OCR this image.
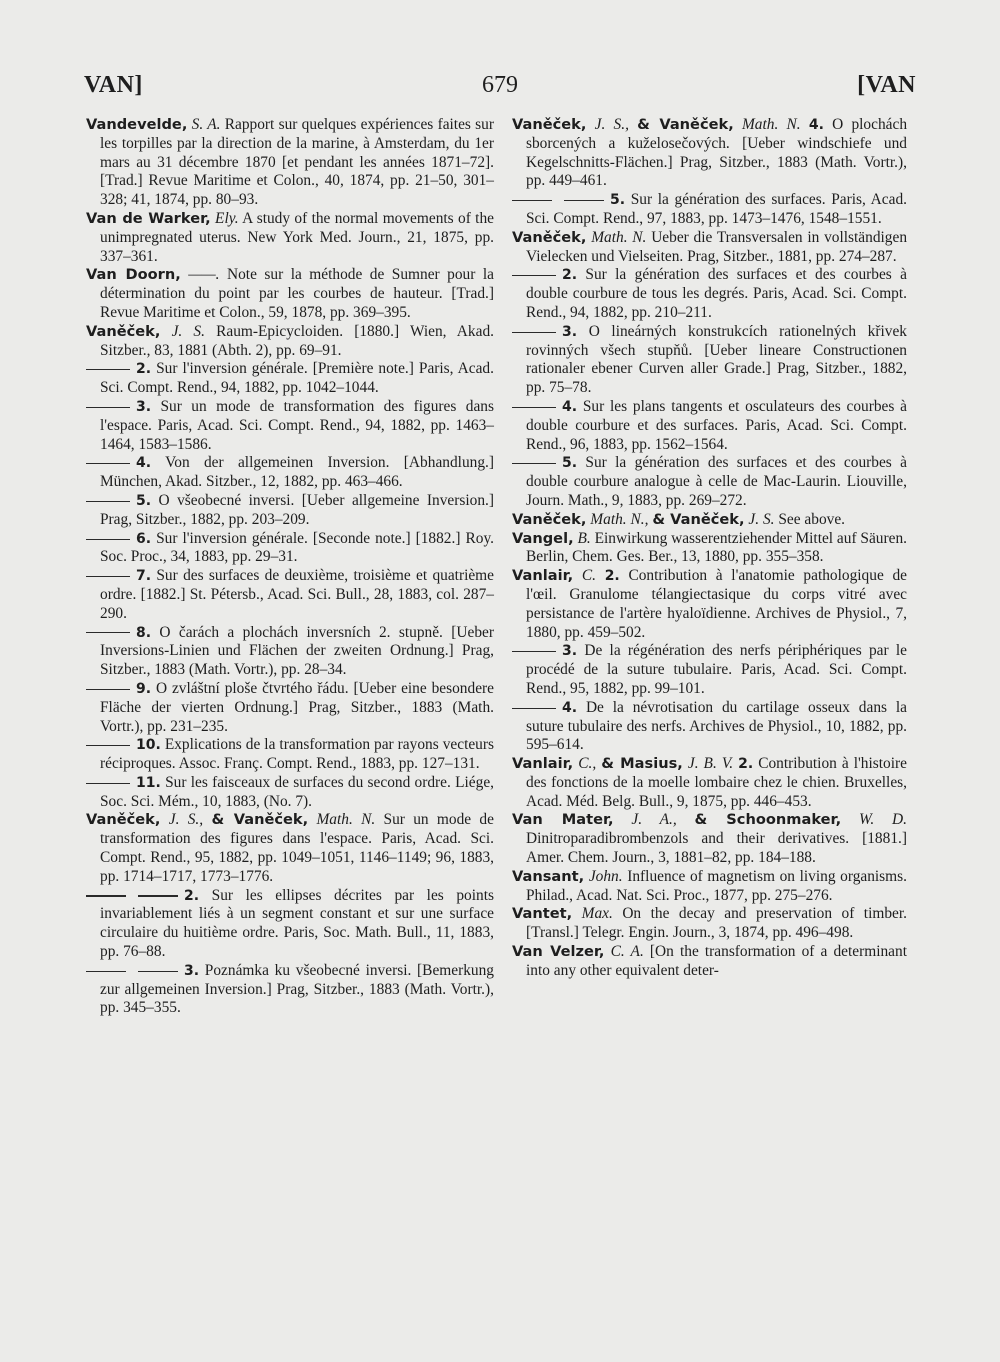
VAN]	679	[VAN

Vandevelde, S. A. Rapport sur quelques expériences faites sur les torpilles par la direction de la marine, à Amsterdam, du 1er mars au 31 décembre 1870 [et pendant les années 1871–72]. [Trad.] Revue Maritime et Colon., 40, 1874, pp. 21–50, 301–328; 41, 1874, pp. 80–93.

Van de Warker, Ely. A study of the normal movements of the unimpregnated uterus. New York Med. Journ., 21, 1875, pp. 337–361.

Van Doorn, ——. Note sur la méthode de Sumner pour la détermination du point par les courbes de hauteur. [Trad.] Revue Maritime et Colon., 59, 1878, pp. 369–395.

Vaněček, J. S. Raum-Epicycloiden. [1880.] Wien, Akad. Sitzber., 83, 1881 (Abth. 2), pp. 69–91.

2. Sur l'inversion générale. [Première note.] Paris, Acad. Sci. Compt. Rend., 94, 1882, pp. 1042–1044.

3. Sur un mode de transformation des figures dans l'espace. Paris, Acad. Sci. Compt. Rend., 94, 1882, pp. 1463–1464, 1583–1586.

4. Von der allgemeinen Inversion. [Abhandlung.] München, Akad. Sitzber., 12, 1882, pp. 463–466.

5. O všeobecné inversi. [Ueber allgemeine Inversion.] Prag, Sitzber., 1882, pp. 203–209.

6. Sur l'inversion générale. [Seconde note.] [1882.] Roy. Soc. Proc., 34, 1883, pp. 29–31.

7. Sur des surfaces de deuxième, troisième et quatrième ordre. [1882.] St. Pétersb., Acad. Sci. Bull., 28, 1883, col. 287–290.

8. O čarách a plochách inversních 2. stupně. [Ueber Inversions-Linien und Flächen der zweiten Ordnung.] Prag, Sitzber., 1883 (Math. Vortr.), pp. 28–34.

9. O zvláštní ploše čtvrtého řádu. [Ueber eine besondere Fläche der vierten Ordnung.] Prag, Sitzber., 1883 (Math. Vortr.), pp. 231–235.

10. Explications de la transformation par rayons vecteurs réciproques. Assoc. Franç. Compt. Rend., 1883, pp. 127–131.

11. Sur les faisceaux de surfaces du second ordre. Liége, Soc. Sci. Mém., 10, 1883, (No. 7).

Vaněček, J. S., & Vaněček, Math. N. Sur un mode de transformation des figures dans l'espace. Paris, Acad. Sci. Compt. Rend., 95, 1882, pp. 1049–1051, 1146–1149; 96, 1883, pp. 1714–1717, 1773–1776.

2. Sur les ellipses décrites par les points invariablement liés à un segment constant et sur une surface circulaire du huitième ordre. Paris, Soc. Math. Bull., 11, 1883, pp. 76–88.

3. Poznámka ku všeobecné inversi. [Bemerkung zur allgemeinen Inversion.] Prag, Sitzber., 1883 (Math. Vortr.), pp. 345–355.

Vaněček, J. S., & Vaněček, Math. N. 4. O plochách sborcených a kuželosečových. [Ueber windschiefe und Kegelschnitts-Flächen.] Prag, Sitzber., 1883 (Math. Vortr.), pp. 449–461.

5. Sur la génération des surfaces. Paris, Acad. Sci. Compt. Rend., 97, 1883, pp. 1473–1476, 1548–1551.

Vaněček, Math. N. Ueber die Transversalen in vollständigen Vielecken und Vielseiten. Prag, Sitzber., 1881, pp. 274–287.

2. Sur la génération des surfaces et des courbes à double courbure de tous les degrés. Paris, Acad. Sci. Compt. Rend., 94, 1882, pp. 210–211.

3. O lineárných konstrukcích rationelných křivek rovinných všech stupňů. [Ueber lineare Constructionen rationaler ebener Curven aller Grade.] Prag, Sitzber., 1882, pp. 75–78.

4. Sur les plans tangents et osculateurs des courbes à double courbure et des surfaces. Paris, Acad. Sci. Compt. Rend., 96, 1883, pp. 1562–1564.

5. Sur la génération des surfaces et des courbes à double courbure analogue à celle de Mac-Laurin. Liouville, Journ. Math., 9, 1883, pp. 269–272.

Vaněček, Math. N., & Vaněček, J. S. See above.

Vangel, B. Einwirkung wasserentziehender Mittel auf Säuren. Berlin, Chem. Ges. Ber., 13, 1880, pp. 355–358.

Vanlair, C. 2. Contribution à l'anatomie pathologique de l'œil. Granulome télangiectasique du corps vitré avec persistance de l'artère hyaloïdienne. Archives de Physiol., 7, 1880, pp. 459–502.

3. De la régénération des nerfs périphériques par le procédé de la suture tubulaire. Paris, Acad. Sci. Compt. Rend., 95, 1882, pp. 99–101.

4. De la névrotisation du cartilage osseux dans la suture tubulaire des nerfs. Archives de Physiol., 10, 1882, pp. 595–614.

Vanlair, C., & Masius, J. B. V. 2. Contribution à l'histoire des fonctions de la moelle lombaire chez le chien. Bruxelles, Acad. Méd. Belg. Bull., 9, 1875, pp. 446–453.

Van Mater, J. A., & Schoonmaker, W. D. Dinitroparadibrombenzols and their derivatives. [1881.] Amer. Chem. Journ., 3, 1881–82, pp. 184–188.

Vansant, John. Influence of magnetism on living organisms. Philad., Acad. Nat. Sci. Proc., 1877, pp. 275–276.

Vantet, Max. On the decay and preservation of timber. [Transl.] Telegr. Engin. Journ., 3, 1874, pp. 496–498.

Van Velzer, C. A. [On the transformation of a determinant into any other equivalent deter-
